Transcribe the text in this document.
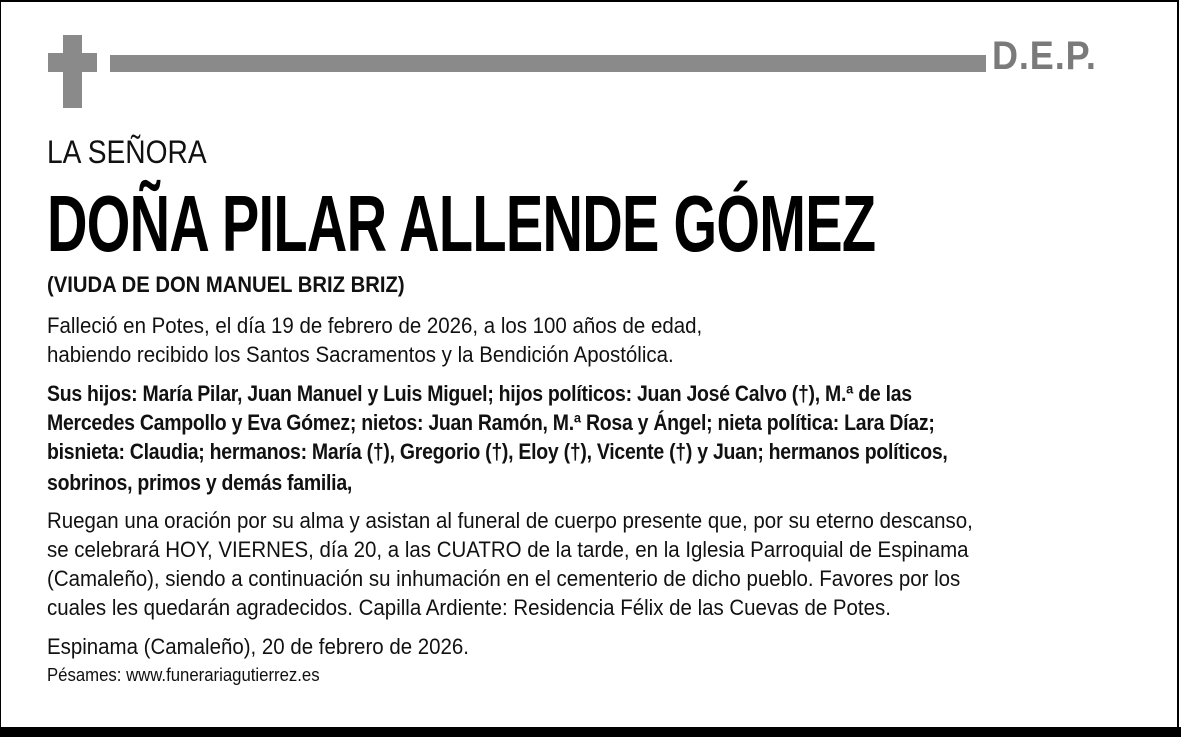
D.E.P.
LA SEÑORA
DOÑA PILAR ALLENDE GÓMEZ
(VIUDA DE DON MANUEL BRIZ BRIZ)
Falleció en Potes, el día 19 de febrero de 2026, a los 100 años de edad,
habiendo recibido los Santos Sacramentos y la Bendición Apostólica.
Sus hijos: María Pilar, Juan Manuel y Luis Miguel; hijos políticos: Juan José Calvo (†), M.ª de las
Mercedes Campollo y Eva Gómez; nietos: Juan Ramón, M.ª Rosa y Ángel; nieta política: Lara Díaz;
bisnieta: Claudia; hermanos: María (†), Gregorio (†), Eloy (†), Vicente (†) y Juan; hermanos políticos,
sobrinos, primos y demás familia,
Ruegan una oración por su alma y asistan al funeral de cuerpo presente que, por su eterno descanso,
se celebrará HOY, VIERNES, día 20, a las CUATRO de la tarde, en la Iglesia Parroquial de Espinama
(Camaleño), siendo a continuación su inhumación en el cementerio de dicho pueblo. Favores por los
cuales les quedarán agradecidos. Capilla Ardiente: Residencia Félix de las Cuevas de Potes.
Espinama (Camaleño), 20 de febrero de 2026.
Pésames: www.funerariagutierrez.es
